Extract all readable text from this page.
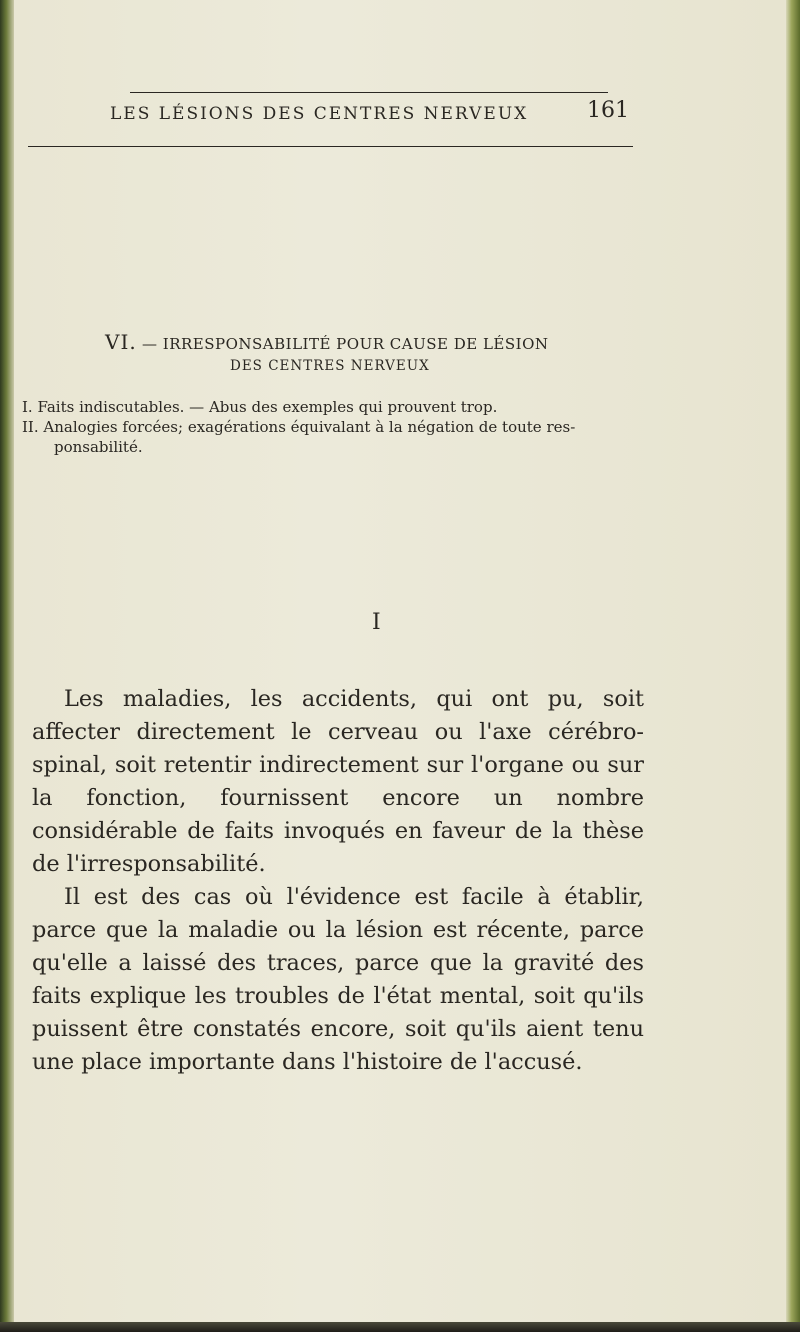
LES LÉSIONS DES CENTRES NERVEUX	161
VI. — IRRESPONSABILITÉ POUR CAUSE DE LÉSION
DES CENTRES NERVEUX

I. Faits indiscutables. — Abus des exemples qui prouvent trop.

II. Analogies forcées; exagérations équivalant à la négation de toute res-

ponsabilité.

I

Les maladies, les accidents, qui ont pu, soit affecter directement le cerveau ou l'axe cérébro-spinal, soit retentir indirectement sur l'organe ou sur la fonction, fournissent encore un nombre considérable de faits invoqués en faveur de la thèse de l'irresponsabilité.

Il est des cas où l'évidence est facile à établir, parce que la maladie ou la lésion est récente, parce qu'elle a laissé des traces, parce que la gravité des faits explique les troubles de l'état mental, soit qu'ils puissent être constatés encore, soit qu'ils aient tenu une place importante dans l'histoire de l'accusé.
